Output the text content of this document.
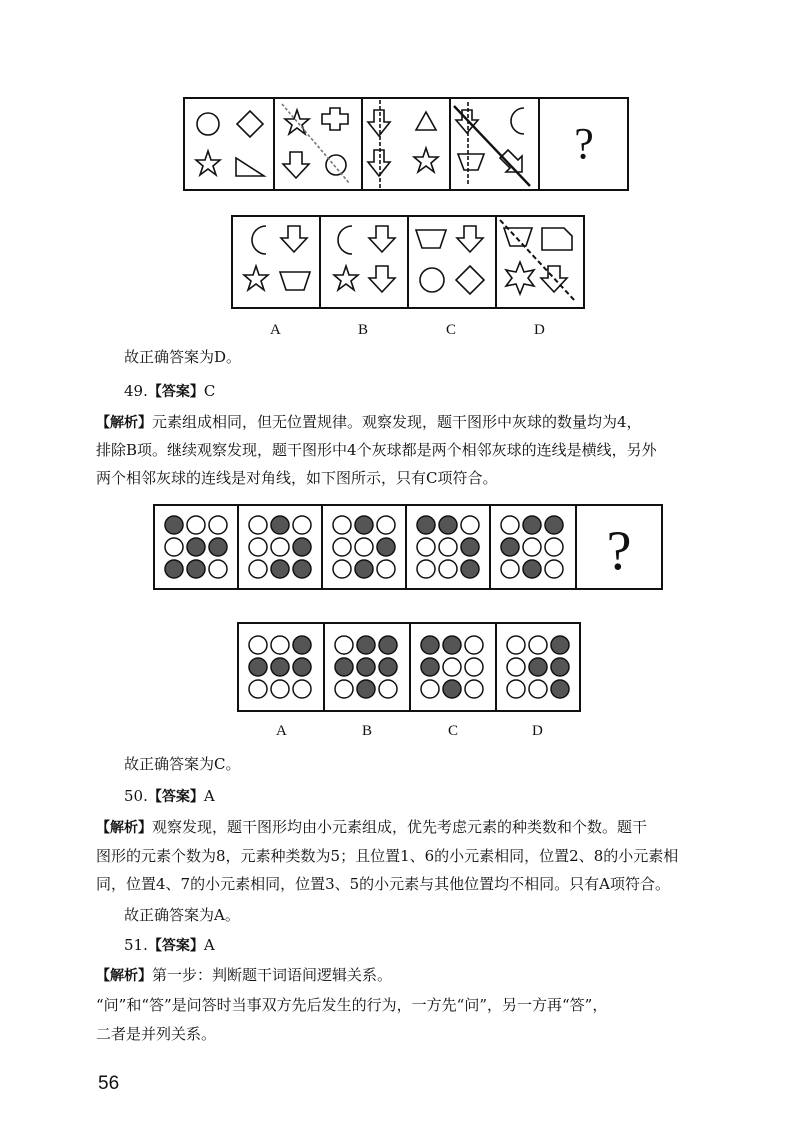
?
A	B	C	D
故正确答案为D。
49.【答案】C
【解析】元素组成相同，但无位置规律。观察发现，题干图形中灰球的数量均为4，
排除B项。继续观察发现，题干图形中4个灰球都是两个相邻灰球的连线是横线，另外
两个相邻灰球的连线是对角线，如下图所示，只有C项符合。
?
A	B	C	D
故正确答案为C。
50.【答案】A
【解析】观察发现，题干图形均由小元素组成，优先考虑元素的种类数和个数。题干
图形的元素个数为8，元素种类数为5；且位置1、6的小元素相同，位置2、8的小元素相
同，位置4、7的小元素相同，位置3、5的小元素与其他位置均不相同。只有A项符合。
故正确答案为A。
51.【答案】A
【解析】第一步：判断题干词语间逻辑关系。
“问”和“答”是问答时当事双方先后发生的行为，一方先“问”，另一方再“答”，
二者是并列关系。
56
